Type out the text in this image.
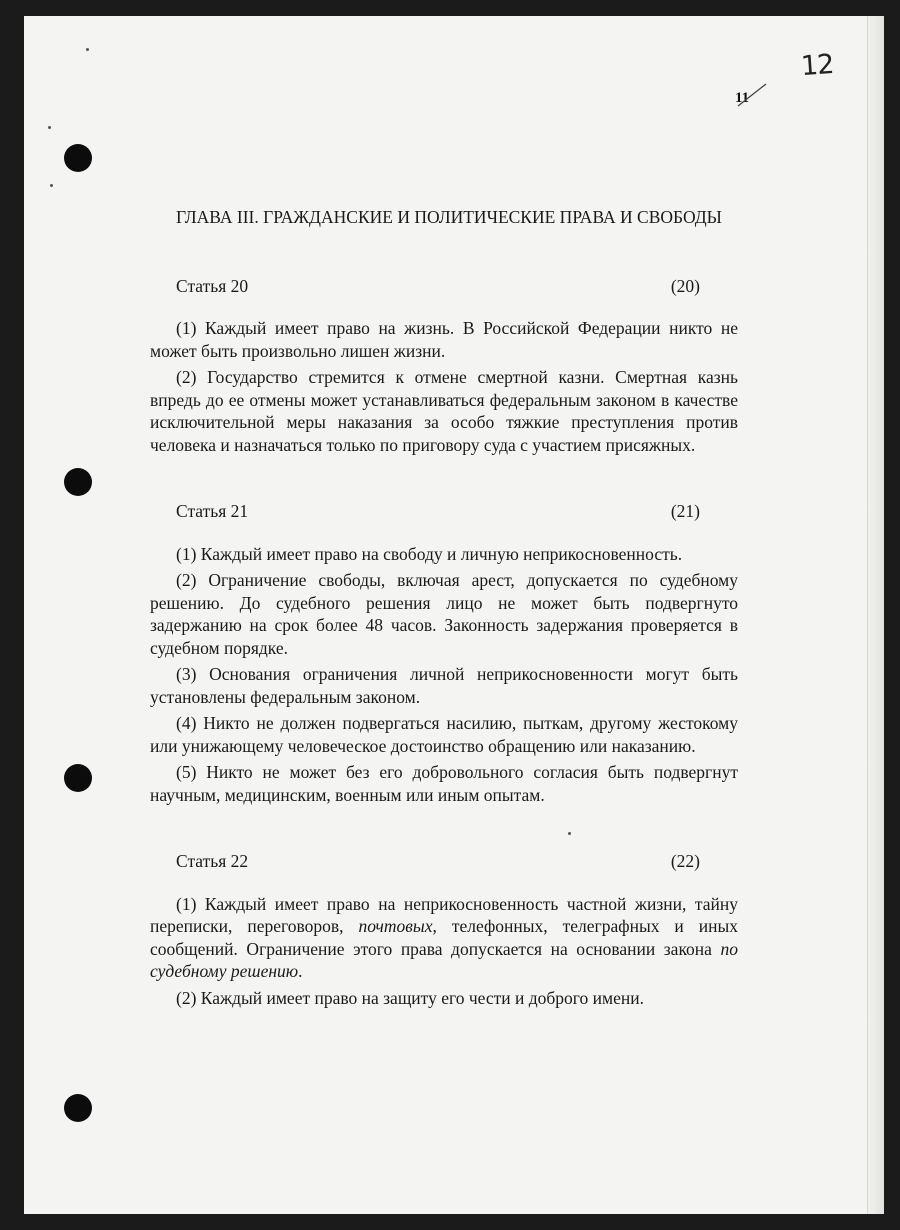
11
12
ГЛАВА III. ГРАЖДАНСКИЕ И ПОЛИТИЧЕСКИЕ ПРАВА И СВОБОДЫ
Статья 20	(20)

(1) Каждый имеет право на жизнь. В Российской Федерации никто не может быть произвольно лишен жизни.

(2) Государство стремится к отмене смертной казни. Смертная казнь впредь до ее отмены может устанавливаться федеральным законом в качестве исключительной меры наказания за особо тяжкие преступления против человека и назначаться только по приговору суда с участием присяжных.

Статья 21	(21)

(1) Каждый имеет право на свободу и личную неприкосновенность.

(2) Ограничение свободы, включая арест, допускается по судебному решению. До судебного решения лицо не может быть подвергнуто задержанию на срок более 48 часов. Законность задержания проверяется в судебном порядке.

(3) Основания ограничения личной неприкосновенности могут быть установлены федеральным законом.

(4) Никто не должен подвергаться насилию, пыткам, другому жестокому или унижающему человеческое достоинство обращению или наказанию.

(5) Никто не может без его добровольного согласия быть подвергнут научным, медицинским, военным или иным опытам.

Статья 22	(22)

(1) Каждый имеет право на неприкосновенность частной жизни, тайну переписки, переговоров, почтовых, телефонных, телеграфных и иных сообщений. Ограничение этого права допускается на основании закона по судебному решению.

(2) Каждый имеет право на защиту его чести и доброго имени.
